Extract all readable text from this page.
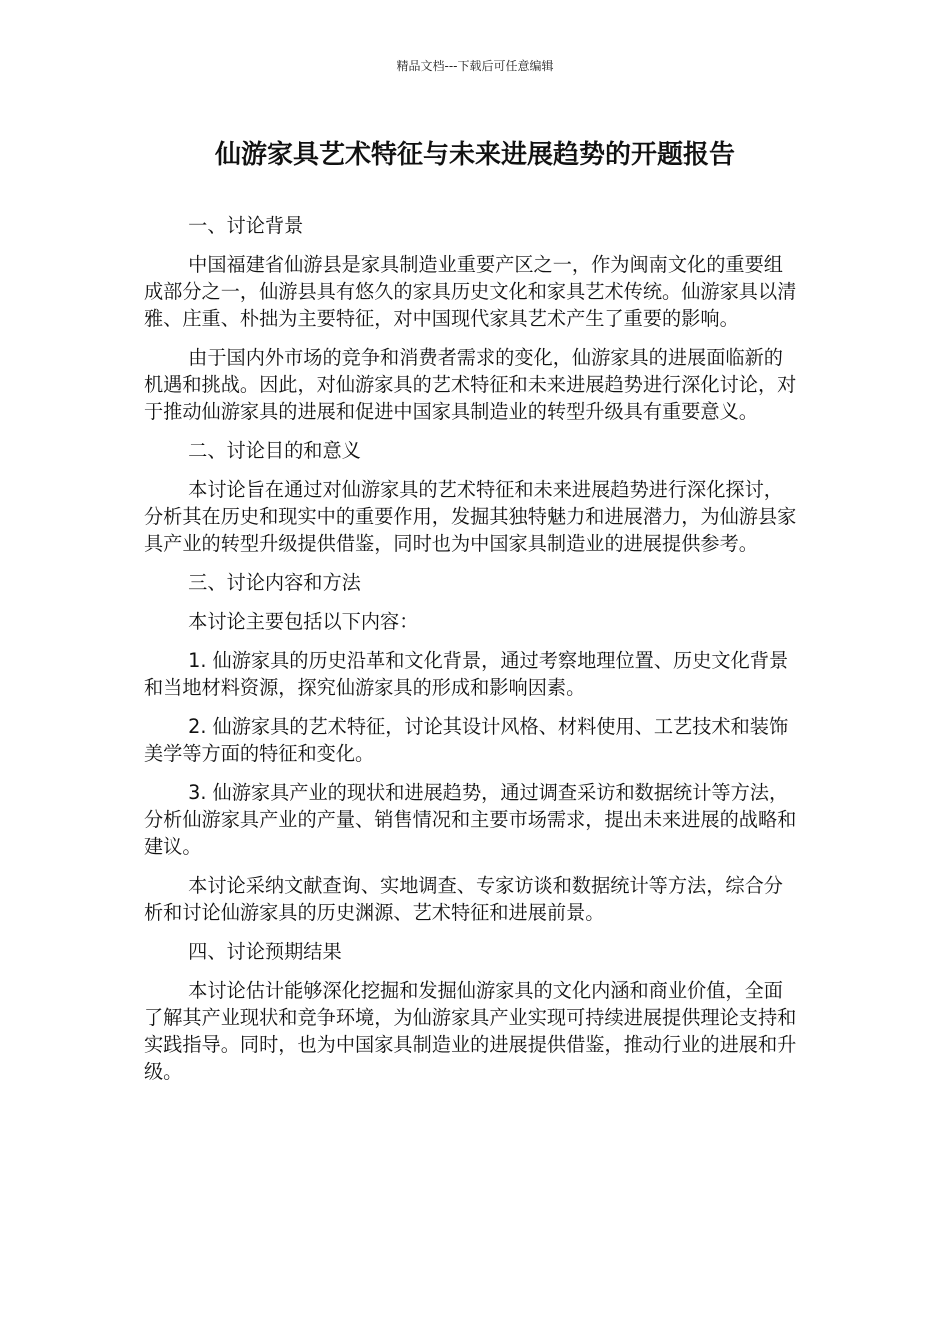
精品文档---下载后可任意编辑
仙游家具艺术特征与未来进展趋势的开题报告

一、讨论背景

中国福建省仙游县是家具制造业重要产区之一，作为闽南文化的重要组成部分之一，仙游县具有悠久的家具历史文化和家具艺术传统。仙游家具以清雅、庄重、朴拙为主要特征，对中国现代家具艺术产生了重要的影响。

由于国内外市场的竞争和消费者需求的变化，仙游家具的进展面临新的机遇和挑战。因此，对仙游家具的艺术特征和未来进展趋势进行深化讨论，对于推动仙游家具的进展和促进中国家具制造业的转型升级具有重要意义。

二、讨论目的和意义

本讨论旨在通过对仙游家具的艺术特征和未来进展趋势进行深化探讨，分析其在历史和现实中的重要作用，发掘其独特魅力和进展潜力，为仙游县家具产业的转型升级提供借鉴，同时也为中国家具制造业的进展提供参考。

三、讨论内容和方法

本讨论主要包括以下内容：

1. 仙游家具的历史沿革和文化背景，通过考察地理位置、历史文化背景和当地材料资源，探究仙游家具的形成和影响因素。

2. 仙游家具的艺术特征，讨论其设计风格、材料使用、工艺技术和装饰美学等方面的特征和变化。

3. 仙游家具产业的现状和进展趋势，通过调查采访和数据统计等方法，分析仙游家具产业的产量、销售情况和主要市场需求，提出未来进展的战略和建议。

本讨论采纳文献查询、实地调查、专家访谈和数据统计等方法，综合分析和讨论仙游家具的历史渊源、艺术特征和进展前景。

四、讨论预期结果

本讨论估计能够深化挖掘和发掘仙游家具的文化内涵和商业价值，全面了解其产业现状和竞争环境，为仙游家具产业实现可持续进展提供理论支持和实践指导。同时，也为中国家具制造业的进展提供借鉴，推动行业的进展和升级。
